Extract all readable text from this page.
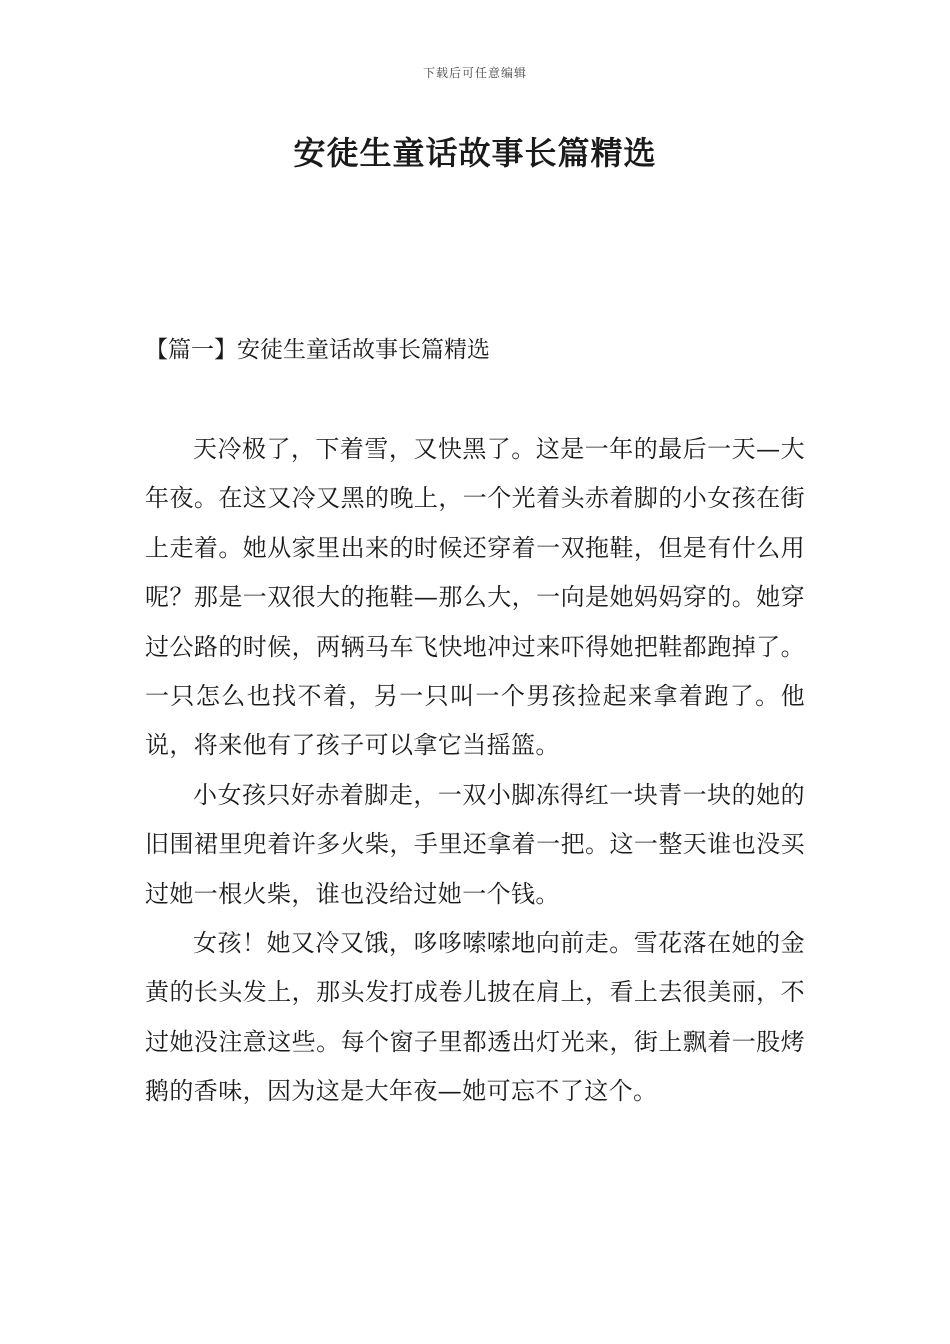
下载后可任意编辑
安徒生童话故事长篇精选
【篇一】安徒生童话故事长篇精选

天冷极了，下着雪，又快黑了。这是一年的最后一天—大年夜。在这又冷又黑的晚上，一个光着头赤着脚的小女孩在街上走着。她从家里出来的时候还穿着一双拖鞋，但是有什么用呢？那是一双很大的拖鞋—那么大，一向是她妈妈穿的。她穿过公路的时候，两辆马车飞快地冲过来吓得她把鞋都跑掉了。一只怎么也找不着，另一只叫一个男孩捡起来拿着跑了。他说，将来他有了孩子可以拿它当摇篮。

小女孩只好赤着脚走，一双小脚冻得红一块青一块的她的旧围裙里兜着许多火柴，手里还拿着一把。这一整天谁也没买过她一根火柴，谁也没给过她一个钱。

女孩！她又冷又饿，哆哆嗦嗦地向前走。雪花落在她的金黄的长头发上，那头发打成卷儿披在肩上，看上去很美丽，不过她没注意这些。每个窗子里都透出灯光来，街上飘着一股烤鹅的香味，因为这是大年夜—她可忘不了这个。
